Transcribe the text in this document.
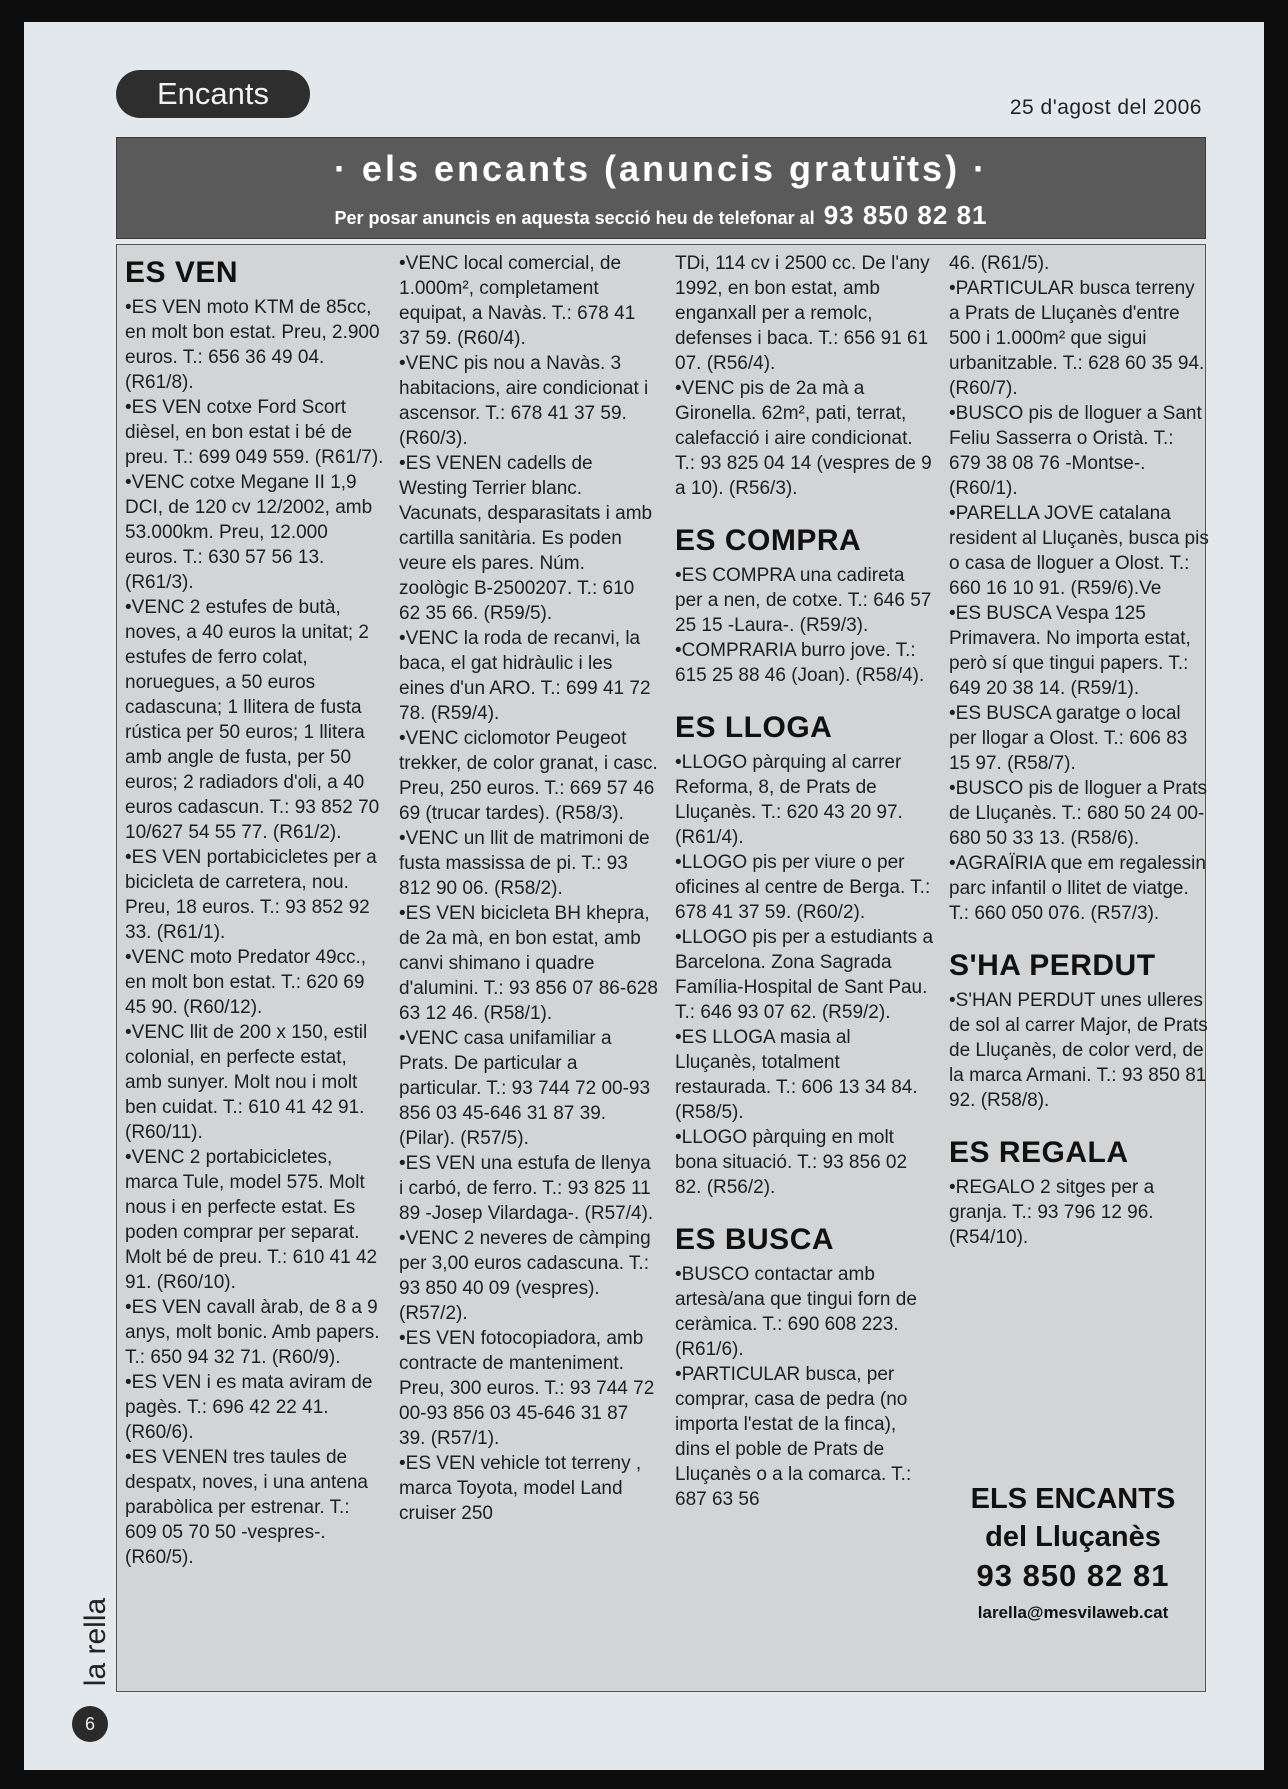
Encants	25 d'agost del 2006
· els encants (anuncis gratuïts) ·
Per posar anuncis en aquesta secció heu de telefonar al 93 850 82 81
ES VEN

• ES VEN moto KTM de 85cc, en molt bon estat. Preu, 2.900 euros. T.: 656 36 49 04. (R61/8).

• ES VEN cotxe Ford Scort dièsel, en bon estat i bé de preu. T.: 699 049 559. (R61/7).

• VENC cotxe Megane II 1,9 DCI, de 120 cv 12/2002, amb 53.000km. Preu, 12.000 euros. T.: 630 57 56 13. (R61/3).

• VENC 2 estufes de butà, noves, a 40 euros la unitat; 2 estufes de ferro colat, noruegues, a 50 euros cadascuna; 1 llitera de fusta rústica per 50 euros; 1 llitera amb angle de fusta, per 50 euros; 2 radiadors d'oli, a 40 euros cadascun. T.: 93 852 70 10/627 54 55 77. (R61/2).

• ES VEN portabicicletes per a bicicleta de carretera, nou. Preu, 18 euros. T.: 93 852 92 33. (R61/1).

• VENC moto Predator 49cc., en molt bon estat. T.: 620 69 45 90. (R60/12).

• VENC llit de 200 x 150, estil colonial, en perfecte estat, amb sunyer. Molt nou i molt ben cuidat. T.: 610 41 42 91. (R60/11).

• VENC 2 portabicicletes, marca Tule, model 575. Molt nous i en perfecte estat. Es poden comprar per separat. Molt bé de preu. T.: 610 41 42 91. (R60/10).

• ES VEN cavall àrab, de 8 a 9 anys, molt bonic. Amb papers. T.: 650 94 32 71. (R60/9).

• ES VEN i es mata aviram de pagès. T.: 696 42 22 41. (R60/6).

• ES VENEN tres taules de despatx, noves, i una antena parabòlica per estrenar. T.: 609 05 70 50 -vespres-. (R60/5).

• VENC local comercial, de 1.000m², completament equipat, a Navàs. T.: 678 41 37 59. (R60/4).

• VENC pis nou a Navàs. 3 habitacions, aire condicionat i ascensor. T.: 678 41 37 59. (R60/3).

• ES VENEN cadells de Westing Terrier blanc. Vacunats, desparasitats i amb cartilla sanitària. Es poden veure els pares. Núm. zoològic B-2500207. T.: 610 62 35 66. (R59/5).

• VENC la roda de recanvi, la baca, el gat hidràulic i les eines d'un ARO. T.: 699 41 72 78. (R59/4).

• VENC ciclomotor Peugeot trekker, de color granat, i casc. Preu, 250 euros. T.: 669 57 46 69 (trucar tardes). (R58/3).

• VENC un llit de matrimoni de fusta massissa de pi. T.: 93 812 90 06. (R58/2).

• ES VEN bicicleta BH khepra, de 2a mà, en bon estat, amb canvi shimano i quadre d'alumini. T.: 93 856 07 86-628 63 12 46. (R58/1).

• VENC casa unifamiliar a Prats. De particular a particular. T.: 93 744 72 00-93 856 03 45-646 31 87 39. (Pilar). (R57/5).

• ES VEN una estufa de llenya i carbó, de ferro. T.: 93 825 11 89 -Josep Vilardaga-. (R57/4).

• VENC 2 neveres de càmping per 3,00 euros cadascuna. T.: 93 850 40 09 (vespres). (R57/2).

• ES VEN fotocopiadora, amb contracte de manteniment. Preu, 300 euros. T.: 93 744 72 00-93 856 03 45-646 31 87 39. (R57/1).

• ES VEN vehicle tot terreny , marca Toyota, model Land cruiser 250

TDi, 114 cv i 2500 cc. De l'any 1992, en bon estat, amb enganxall per a remolc, defenses i baca. T.: 656 91 61 07. (R56/4).

• VENC pis de 2a mà a Gironella. 62m², pati, terrat, calefacció i aire condicionat. T.: 93 825 04 14 (vespres de 9 a 10). (R56/3).

ES COMPRA

• ES COMPRA una cadireta per a nen, de cotxe. T.: 646 57 25 15 -Laura-. (R59/3).

• COMPRARIA burro jove. T.: 615 25 88 46 (Joan). (R58/4).

ES LLOGA

• LLOGO pàrquing al carrer Reforma, 8, de Prats de Lluçanès. T.: 620 43 20 97. (R61/4).

• LLOGO pis per viure o per oficines al centre de Berga. T.: 678 41 37 59. (R60/2).

• LLOGO pis per a estudiants a Barcelona. Zona Sagrada Família-Hospital de Sant Pau. T.: 646 93 07 62. (R59/2).

• ES LLOGA masia al Lluçanès, totalment restaurada. T.: 606 13 34 84. (R58/5).

• LLOGO pàrquing en molt bona situació. T.: 93 856 02 82. (R56/2).

ES BUSCA

• BUSCO contactar amb artesà/ana que tingui forn de ceràmica. T.: 690 608 223. (R61/6).

• PARTICULAR busca, per comprar, casa de pedra (no importa l'estat de la finca), dins el poble de Prats de Lluçanès o a la comarca. T.: 687 63 56

46. (R61/5).

• PARTICULAR busca terreny a Prats de Lluçanès d'entre 500 i 1.000m² que sigui urbanitzable. T.: 628 60 35 94. (R60/7).

• BUSCO pis de lloguer a Sant Feliu Sasserra o Oristà. T.: 679 38 08 76 -Montse-. (R60/1).

• PARELLA JOVE catalana resident al Lluçanès, busca pis o casa de lloguer a Olost. T.: 660 16 10 91. (R59/6).Ve

• ES BUSCA Vespa 125 Primavera. No importa estat, però sí que tingui papers. T.: 649 20 38 14. (R59/1).

• ES BUSCA garatge o local per llogar a Olost. T.: 606 83 15 97. (R58/7).

• BUSCO pis de lloguer a Prats de Lluçanès. T.: 680 50 24 00-680 50 33 13. (R58/6).

• AGRAÏRIA que em regalessin parc infantil o llitet de viatge. T.: 660 050 076. (R57/3).

S'HA PERDUT

• S'HAN PERDUT unes ulleres de sol al carrer Major, de Prats de Lluçanès, de color verd, de la marca Armani. T.: 93 850 81 92. (R58/8).

ES REGALA

• REGALO 2 sitges per a granja. T.: 93 796 12 96. (R54/10).

ELS ENCANTS
del Lluçanès
93 850 82 81
larella@mesvilaweb.cat
la rella
6
